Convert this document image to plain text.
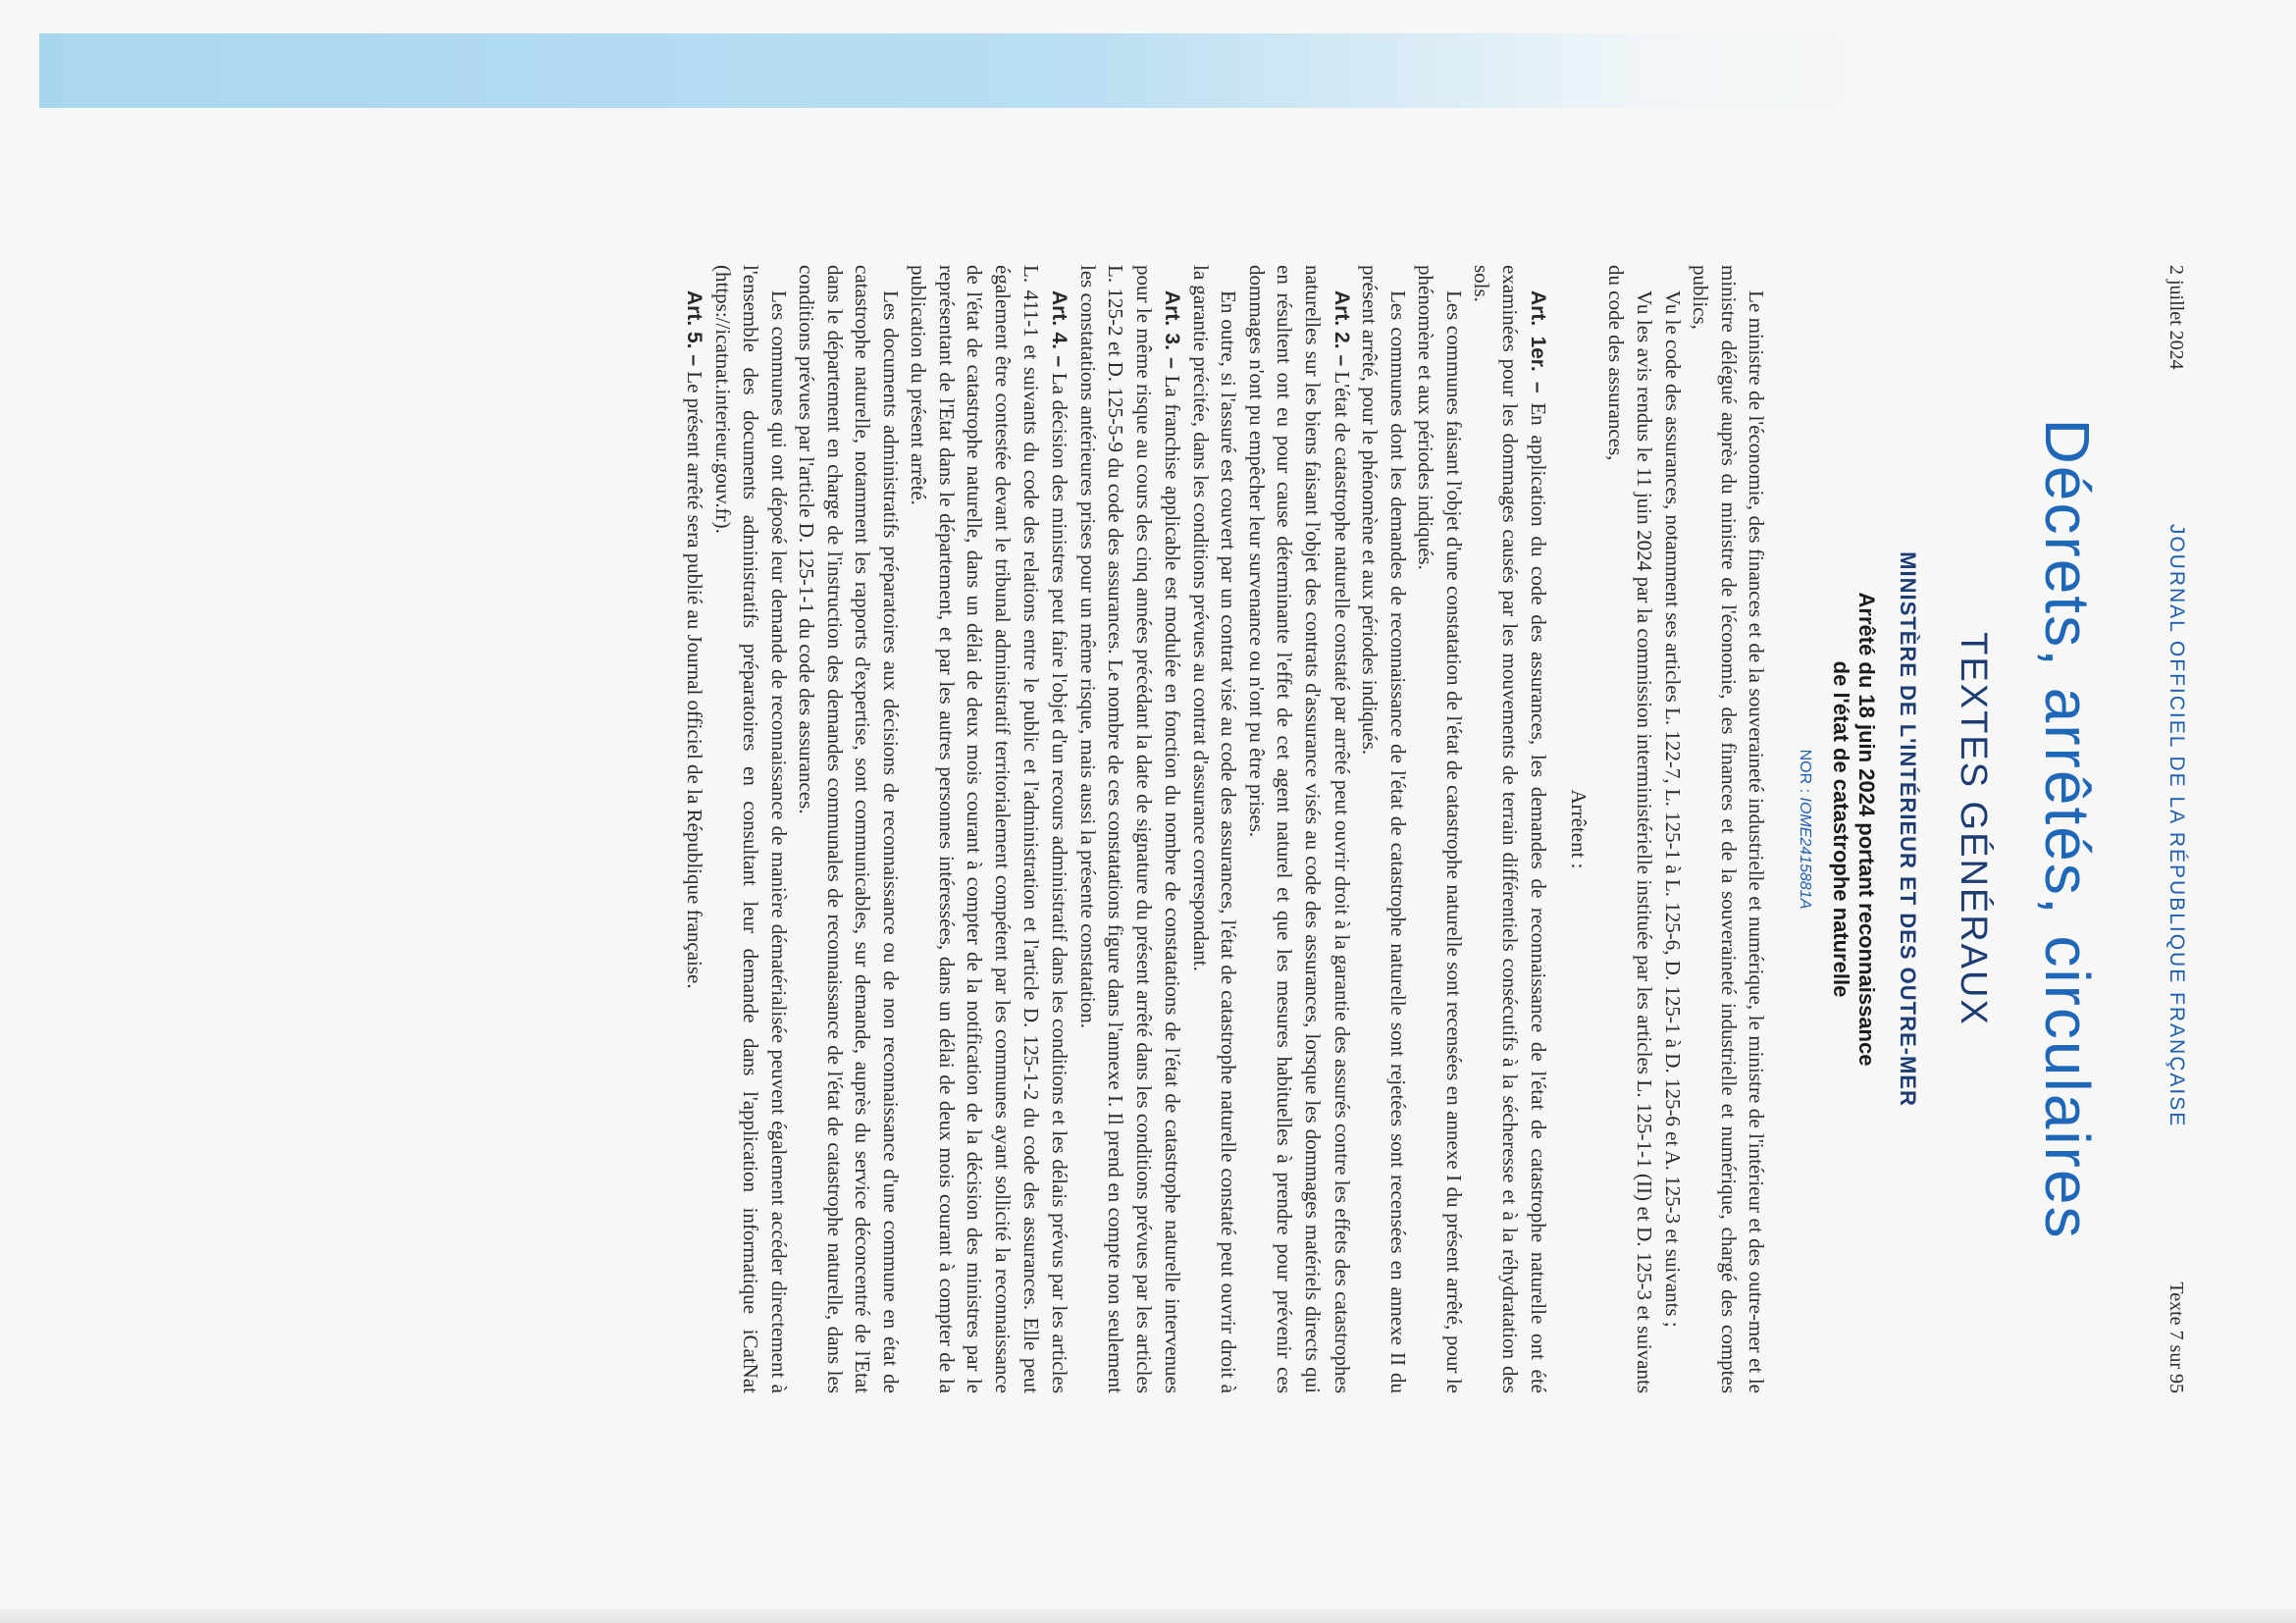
2 juillet 2024
JOURNAL OFFICIEL DE LA RÉPUBLIQUE FRANÇAISE
Texte 7 sur 95
Décrets, arrêtés, circulaires
TEXTES GÉNÉRAUX
MINISTÈRE DE L'INTÉRIEUR ET DES OUTRE-MER
Arrêté du 18 juin 2024 portant reconnaissance
de l'état de catastrophe naturelle
NOR : IOME2415881A

Le ministre de l'économie, des finances et de la souveraineté industrielle et numérique, le ministre de l'intérieur et des outre-mer et le ministre délégué auprès du ministre de l'économie, des finances et de la souveraineté industrielle et numérique, chargé des comptes publics,

Vu le code des assurances, notamment ses articles L. 122-7, L. 125-1 à L. 125-6, D. 125-1 à D. 125-6 et A. 125-3 et suivants ;

Vu les avis rendus le 11 juin 2024 par la commission interministérielle instituée par les articles L. 125-1-1 (II) et D. 125-3 et suivants du code des assurances,

Arrêtent :

Art. 1er. – En application du code des assurances, les demandes de reconnaissance de l'état de catastrophe naturelle ont été examinées pour les dommages causés par les mouvements de terrain différentiels consécutifs à la sécheresse et à la réhydratation des sols.

Les communes faisant l'objet d'une constatation de l'état de catastrophe naturelle sont recensées en annexe I du présent arrêté, pour le phénomène et aux périodes indiqués.

Les communes dont les demandes de reconnaissance de l'état de catastrophe naturelle sont rejetées sont recensées en annexe II du présent arrêté, pour le phénomène et aux périodes indiqués.

Art. 2. – L'état de catastrophe naturelle constaté par arrêté peut ouvrir droit à la garantie des assurés contre les effets des catastrophes naturelles sur les biens faisant l'objet des contrats d'assurance visés au code des assurances, lorsque les dommages matériels directs qui en résultent ont eu pour cause déterminante l'effet de cet agent naturel et que les mesures habituelles à prendre pour prévenir ces dommages n'ont pu empêcher leur survenance ou n'ont pu être prises.

En outre, si l'assuré est couvert par un contrat visé au code des assurances, l'état de catastrophe naturelle constaté peut ouvrir droit à la garantie précitée, dans les conditions prévues au contrat d'assurance correspondant.

Art. 3. – La franchise applicable est modulée en fonction du nombre de constatations de l'état de catastrophe naturelle intervenues pour le même risque au cours des cinq années précédant la date de signature du présent arrêté dans les conditions prévues par les articles L. 125-2 et D. 125-5-9 du code des assurances. Le nombre de ces constatations figure dans l'annexe I. Il prend en compte non seulement les constatations antérieures prises pour un même risque, mais aussi la présente constatation.

Art. 4. – La décision des ministres peut faire l'objet d'un recours administratif dans les conditions et les délais prévus par les articles L. 411-1 et suivants du code des relations entre le public et l'administration et l'article D. 125-1-2 du code des assurances. Elle peut également être contestée devant le tribunal administratif territorialement compétent par les communes ayant sollicité la reconnaissance de l'état de catastrophe naturelle, dans un délai de deux mois courant à compter de la notification de la décision des ministres par le représentant de l'Etat dans le département, et par les autres personnes intéressées, dans un délai de deux mois courant à compter de la publication du présent arrêté.

Les documents administratifs préparatoires aux décisions de reconnaissance ou de non reconnaissance d'une commune en état de catastrophe naturelle, notamment les rapports d'expertise, sont communicables, sur demande, auprès du service déconcentré de l'Etat dans le département en charge de l'instruction des demandes communales de reconnaissance de l'état de catastrophe naturelle, dans les conditions prévues par l'article D. 125-1-1 du code des assurances.

Les communes qui ont déposé leur demande de reconnaissance de manière dématérialisée peuvent également accéder directement à l'ensemble des documents administratifs préparatoires en consultant leur demande dans l'application informatique iCatNat (https://icatnat.interieur.gouv.fr).

Art. 5. – Le présent arrêté sera publié au Journal officiel de la République française.
